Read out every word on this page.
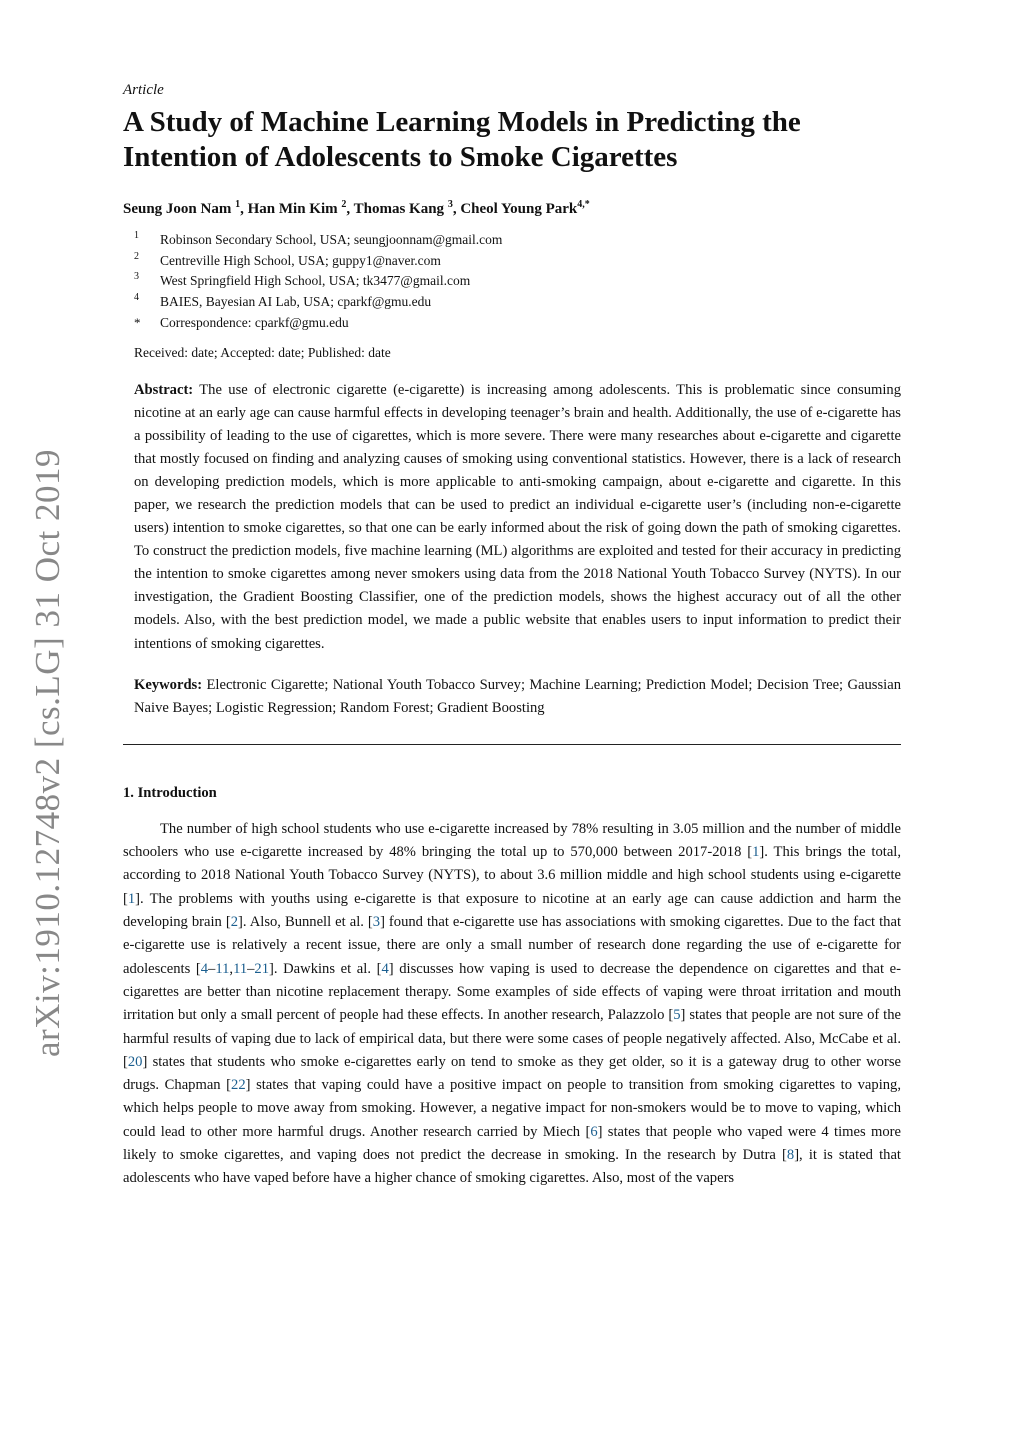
arXiv:1910.12748v2 [cs.LG] 31 Oct 2019
Article
A Study of Machine Learning Models in Predicting the Intention of Adolescents to Smoke Cigarettes
Seung Joon Nam $^1$, Han Min Kim $^2$, Thomas Kang $^3$, Cheol Young Park$^{4,*}$
1 Robinson Secondary School, USA; seungjoonnam@gmail.com
2 Centreville High School, USA; guppy1@naver.com
3 West Springfield High School, USA; tk3477@gmail.com
4 BAIES, Bayesian AI Lab, USA; cparkf@gmu.edu
* Correspondence: cparkf@gmu.edu
Received: date; Accepted: date; Published: date
Abstract: The use of electronic cigarette (e-cigarette) is increasing among adolescents. This is problematic since consuming nicotine at an early age can cause harmful effects in developing teenager’s brain and health. Additionally, the use of e-cigarette has a possibility of leading to the use of cigarettes, which is more severe. There were many researches about e-cigarette and cigarette that mostly focused on finding and analyzing causes of smoking using conventional statistics. However, there is a lack of research on developing prediction models, which is more applicable to anti-smoking campaign, about e-cigarette and cigarette. In this paper, we research the prediction models that can be used to predict an individual e-cigarette user’s (including non-e-cigarette users) intention to smoke cigarettes, so that one can be early informed about the risk of going down the path of smoking cigarettes. To construct the prediction models, five machine learning (ML) algorithms are exploited and tested for their accuracy in predicting the intention to smoke cigarettes among never smokers using data from the 2018 National Youth Tobacco Survey (NYTS). In our investigation, the Gradient Boosting Classifier, one of the prediction models, shows the highest accuracy out of all the other models. Also, with the best prediction model, we made a public website that enables users to input information to predict their intentions of smoking cigarettes.
Keywords: Electronic Cigarette; National Youth Tobacco Survey; Machine Learning; Prediction Model; Decision Tree; Gaussian Naive Bayes; Logistic Regression; Random Forest; Gradient Boosting
1. Introduction

The number of high school students who use e-cigarette increased by 78% resulting in 3.05 million and the number of middle schoolers who use e-cigarette increased by 48% bringing the total up to 570,000 between 2017-2018 [1]. This brings the total, according to 2018 National Youth Tobacco Survey (NYTS), to about 3.6 million middle and high school students using e-cigarette [1]. The problems with youths using e-cigarette is that exposure to nicotine at an early age can cause addiction and harm the developing brain [2]. Also, Bunnell et al. [3] found that e-cigarette use has associations with smoking cigarettes. Due to the fact that e-cigarette use is relatively a recent issue, there are only a small number of research done regarding the use of e-cigarette for adolescents [4–11,11–21]. Dawkins et al. [4] discusses how vaping is used to decrease the dependence on cigarettes and that e-cigarettes are better than nicotine replacement therapy. Some examples of side effects of vaping were throat irritation and mouth irritation but only a small percent of people had these effects. In another research, Palazzolo [5] states that people are not sure of the harmful results of vaping due to lack of empirical data, but there were some cases of people negatively affected. Also, McCabe et al. [20] states that students who smoke e-cigarettes early on tend to smoke as they get older, so it is a gateway drug to other worse drugs. Chapman [22] states that vaping could have a positive impact on people to transition from smoking cigarettes to vaping, which helps people to move away from smoking. However, a negative impact for non-smokers would be to move to vaping, which could lead to other more harmful drugs. Another research carried by Miech [6] states that people who vaped were 4 times more likely to smoke cigarettes, and vaping does not predict the decrease in smoking. In the research by Dutra [8], it is stated that adolescents who have vaped before have a higher chance of smoking cigarettes. Also, most of the vapers
